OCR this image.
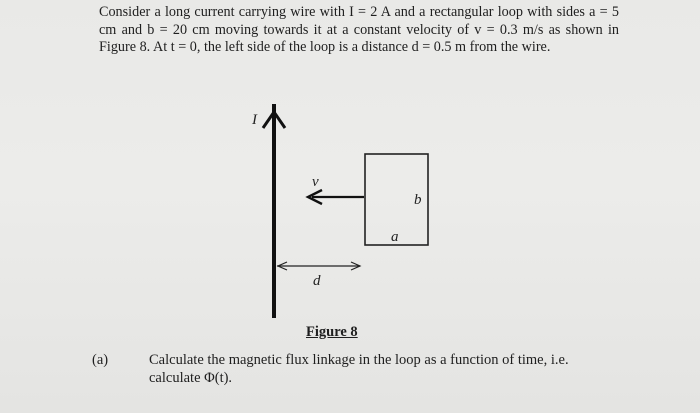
Consider a long current carrying wire with I = 2 A and a rectangular loop with sides a = 5 cm and b = 20 cm moving towards it at a constant velocity of v = 0.3 m/s as shown in Figure 8. At t = 0, the left side of the loop is a distance d = 0.5 m from the wire.

I
b
a
v
d

Figure 8

(a)	Calculate the magnetic flux linkage in the loop as a function of time, i.e. calculate Φ(t).
